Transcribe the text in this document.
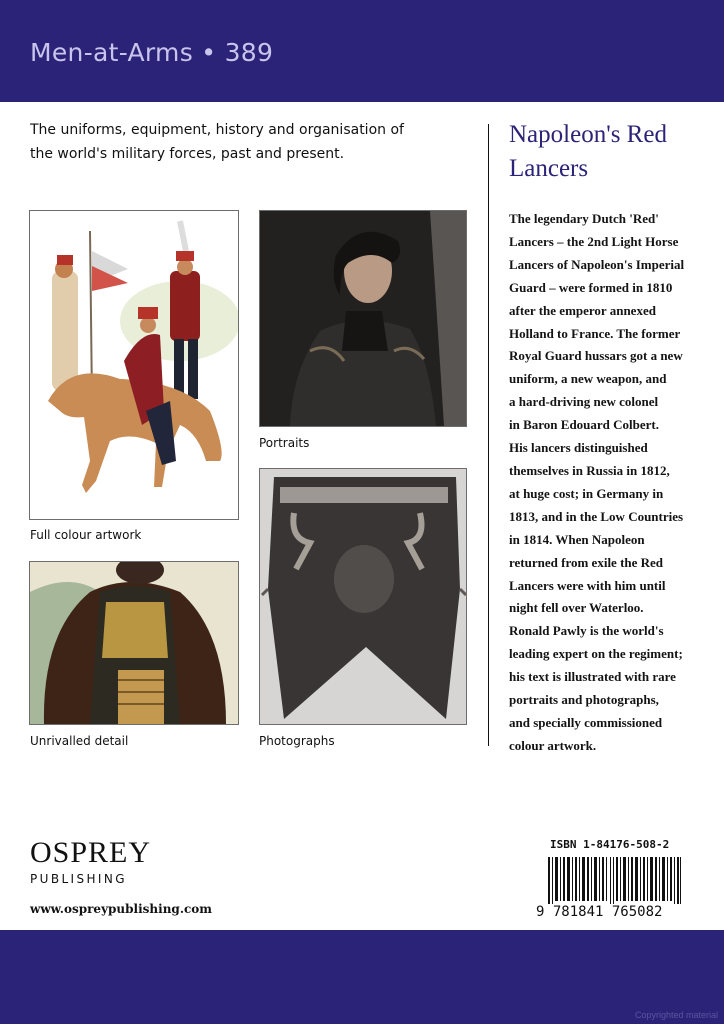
Men-at-Arms • 389
The uniforms, equipment, history and organisation of the world's military forces, past and present.
Napoleon's Red Lancers
The legendary Dutch 'Red'
Lancers – the 2nd Light Horse
Lancers of Napoleon's Imperial
Guard – were formed in 1810
after the emperor annexed
Holland to France. The former
Royal Guard hussars got a new
uniform, a new weapon, and
a hard-driving new colonel
in Baron Edouard Colbert.
His lancers distinguished
themselves in Russia in 1812,
at huge cost; in Germany in
1813, and in the Low Countries
in 1814. When Napoleon
returned from exile the Red
Lancers were with him until
night fell over Waterloo.
Ronald Pawly is the world's
leading expert on the regiment;
his text is illustrated with rare
portraits and photographs,
and specially commissioned
colour artwork.
Full colour artwork
Portraits
Unrivalled detail	Photographs
OSPREY
PUBLISHING
www.ospreypublishing.com
ISBN 1-84176-508-2
9 781841 765082
Copyrighted material
